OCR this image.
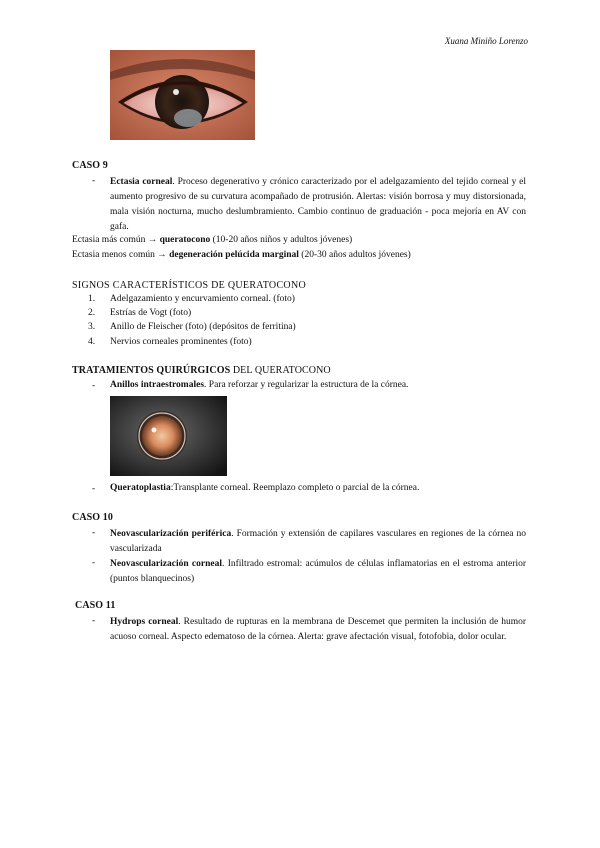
Xuana Miniño Lorenzo
CASO 9
- Ectasia corneal. Proceso degenerativo y crónico caracterizado por el adelgazamiento del tejido corneal y el aumento progresivo de su curvatura acompañado de protrusión. Alertas: visión borrosa y muy distorsionada, mala visión nocturna, mucho deslumbramiento. Cambio continuo de graduación - poca mejoría en AV con gafa.
Ectasia más común → queratocono (10-20 años niños y adultos jóvenes)
Ectasia menos común → degeneración pelúcida marginal (20-30 años adultos jóvenes)
SIGNOS CARACTERÍSTICOS DE QUERATOCONO
1. Adelgazamiento y encurvamiento corneal. (foto)
2. Estrías de Vogt (foto)
3. Anillo de Fleischer (foto) (depósitos de ferritina)
4. Nervios corneales prominentes (foto)
TRATAMIENTOS QUIRÚRGICOS DEL QUERATOCONO
- Anillos intraestromales. Para reforzar y regularizar la estructura de la córnea.
- Queratoplastia:Transplante corneal. Reemplazo completo o parcial de la córnea.
CASO 10
- Neovascularización periférica. Formación y extensión de capilares vasculares en regiones de la córnea no vascularizada
- Neovascularización corneal. Infiltrado estromal: acúmulos de células inflamatorias en el estroma anterior (puntos blanquecinos)
CASO 11
- Hydrops corneal. Resultado de rupturas en la membrana de Descemet que permiten la inclusión de humor acuoso corneal. Aspecto edematoso de la córnea. Alerta: grave afectación visual, fotofobia, dolor ocular.
